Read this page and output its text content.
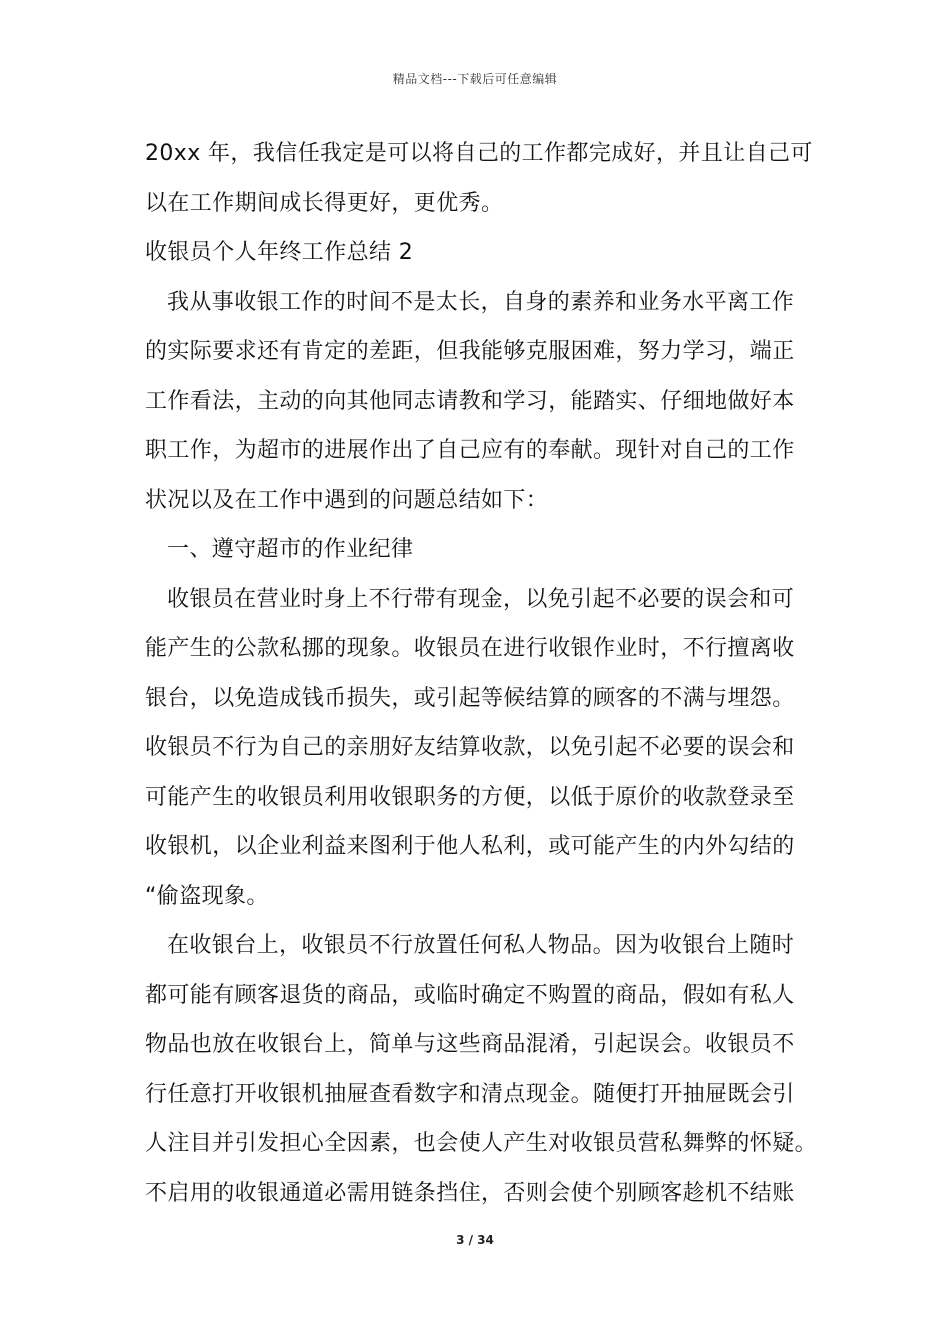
精品文档---下载后可任意编辑
20xx 年，我信任我定是可以将自己的工作都完成好，并且让自己可
以在工作期间成长得更好，更优秀。
收银员个人年终工作总结 2
我从事收银工作的时间不是太长，自身的素养和业务水平离工作
的实际要求还有肯定的差距，但我能够克服困难，努力学习，端正
工作看法，主动的向其他同志请教和学习，能踏实、仔细地做好本
职工作，为超市的进展作出了自己应有的奉献。现针对自己的工作
状况以及在工作中遇到的问题总结如下：
一、遵守超市的作业纪律
收银员在营业时身上不行带有现金，以免引起不必要的误会和可
能产生的公款私挪的现象。收银员在进行收银作业时，不行擅离收
银台，以免造成钱币损失，或引起等候结算的顾客的不满与埋怨。
收银员不行为自己的亲朋好友结算收款，以免引起不必要的误会和
可能产生的收银员利用收银职务的方便，以低于原价的收款登录至
收银机，以企业利益来图利于他人私利，或可能产生的内外勾结的
“偷盗现象。
在收银台上，收银员不行放置任何私人物品。因为收银台上随时
都可能有顾客退货的商品，或临时确定不购置的商品，假如有私人
物品也放在收银台上，简单与这些商品混淆，引起误会。收银员不
行任意打开收银机抽屉查看数字和清点现金。随便打开抽屉既会引
人注目并引发担心全因素，也会使人产生对收银员营私舞弊的怀疑。
不启用的收银通道必需用链条挡住，否则会使个别顾客趁机不结账
3 / 34
